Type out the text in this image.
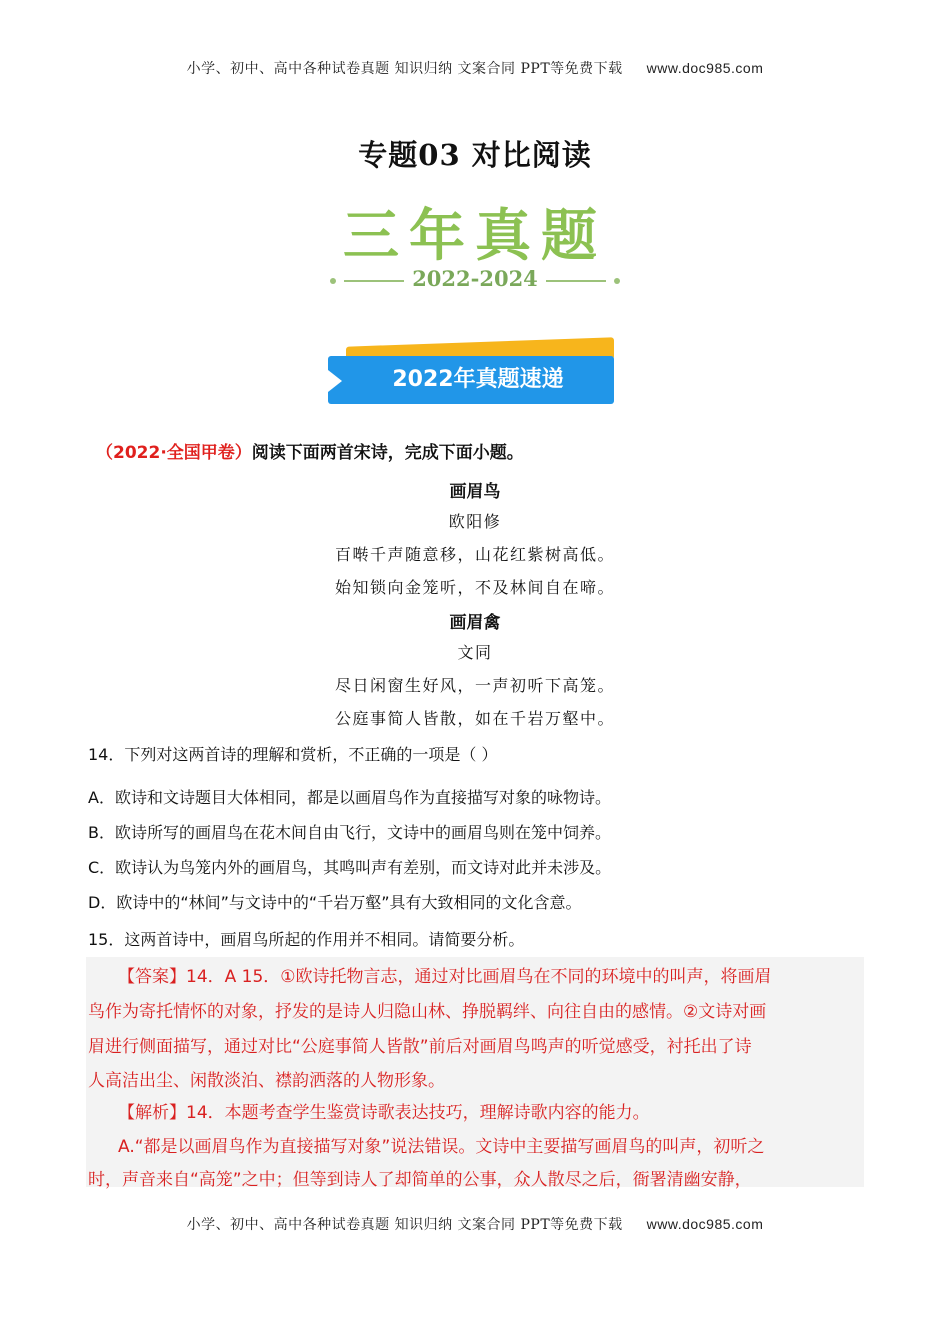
小学、初中、高中各种试卷真题 知识归纳 文案合同 PPT等免费下载 www.doc985.com
专题03 对比阅读
三年真题
2022-2024
2022年真题速递
（2022·全国甲卷）阅读下面两首宋诗，完成下面小题。
画眉鸟
欧阳修
百啭千声随意移，山花红紫树高低。
始知锁向金笼听，不及林间自在啼。
画眉禽
文同
尽日闲窗生好风，一声初听下高笼。
公庭事简人皆散，如在千岩万壑中。
14．下列对这两首诗的理解和赏析，不正确的一项是（ ）
A．欧诗和文诗题目大体相同，都是以画眉鸟作为直接描写对象的咏物诗。
B．欧诗所写的画眉鸟在花木间自由飞行，文诗中的画眉鸟则在笼中饲养。
C．欧诗认为鸟笼内外的画眉鸟，其鸣叫声有差别，而文诗对此并未涉及。
D．欧诗中的“林间”与文诗中的“千岩万壑”具有大致相同的文化含意。
15．这两首诗中，画眉鸟所起的作用并不相同。请简要分析。
【答案】14．A 15．①欧诗托物言志，通过对比画眉鸟在不同的环境中的叫声，将画眉
鸟作为寄托情怀的对象，抒发的是诗人归隐山林、挣脱羁绊、向往自由的感情。②文诗对画
眉进行侧面描写，通过对比“公庭事简人皆散”前后对画眉鸟鸣声的听觉感受，衬托出了诗
人高洁出尘、闲散淡泊、襟韵洒落的人物形象。
【解析】14．本题考查学生鉴赏诗歌表达技巧，理解诗歌内容的能力。
A.“都是以画眉鸟作为直接描写对象”说法错误。文诗中主要描写画眉鸟的叫声，初听之
时，声音来自“高笼”之中；但等到诗人了却简单的公事，众人散尽之后，衙署清幽安静，
小学、初中、高中各种试卷真题 知识归纳 文案合同 PPT等免费下载 www.doc985.com
